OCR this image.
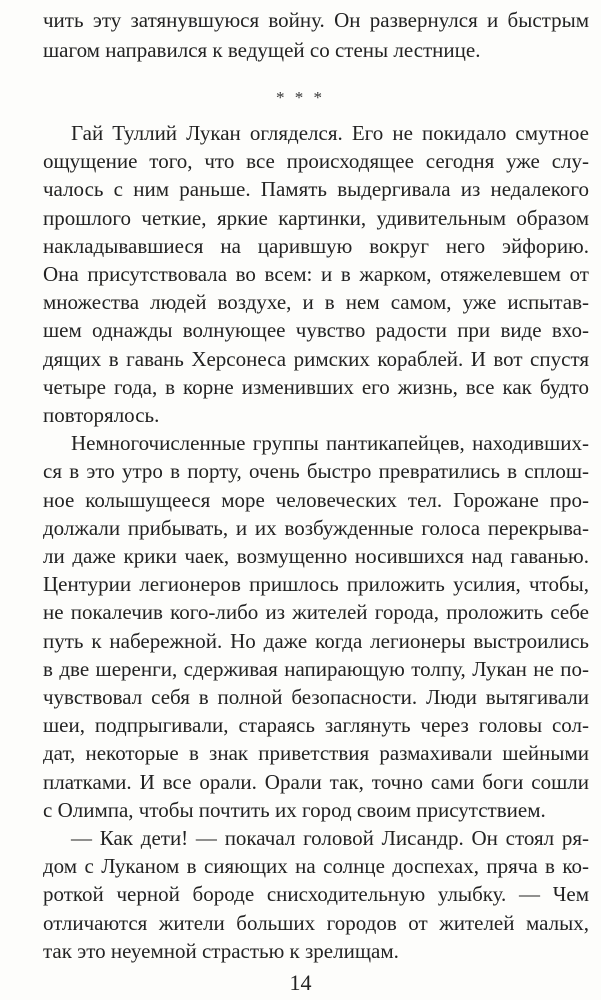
* * *
чить эту затянувшуюся войну. Он развернулся и быстрым
шагом направился к ведущей со стены лестнице.
Гай Туллий Лукан огляделся. Его не покидало смутное
ощущение того, что все происходящее сегодня уже слу-
чалось с ним раньше. Память выдергивала из недалекого
прошлого четкие, яркие картинки, удивительным образом
накладывавшиеся на царившую вокруг него эйфорию.
Она присутствовала во всем: и в жарком, отяжелевшем от
множества людей воздухе, и в нем самом, уже испытав-
шем однажды волнующее чувство радости при виде вхо-
дящих в гавань Херсонеса римских кораблей. И вот спустя
четыре года, в корне изменивших его жизнь, все как будто
повторялось.
Немногочисленные группы пантикапейцев, находивших-
ся в это утро в порту, очень быстро превратились в сплош-
ное колышущееся море человеческих тел. Горожане про-
должали прибывать, и их возбужденные голоса перекрыва-
ли даже крики чаек, возмущенно носившихся над гаванью.
Центурии легионеров пришлось приложить усилия, чтобы,
не покалечив кого-либо из жителей города, проложить себе
путь к набережной. Но даже когда легионеры выстроились
в две шеренги, сдерживая напирающую толпу, Лукан не по-
чувствовал себя в полной безопасности. Люди вытягивали
шеи, подпрыгивали, стараясь заглянуть через головы сол-
дат, некоторые в знак приветствия размахивали шейными
платками. И все орали. Орали так, точно сами боги сошли
с Олимпа, чтобы почтить их город своим присутствием.
— Как дети! — покачал головой Лисандр. Он стоял ря-
дом с Луканом в сияющих на солнце доспехах, пряча в ко-
роткой черной бороде снисходительную улыбку. — Чем
отличаются жители больших городов от жителей малых,
так это неуемной страстью к зрелищам.
14
